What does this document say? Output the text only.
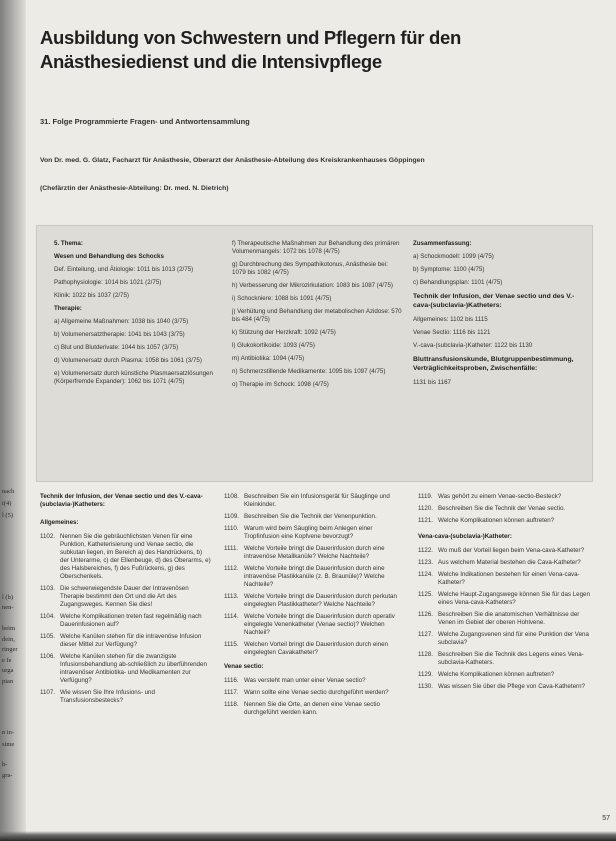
nach
t(4)
l (5)
l (b)
nen-
beim
dein,
ringer
e fe
urga
pian
n in-
sime
h-
gra-
Ausbildung von Schwestern und Pflegern für den Anästhesiedienst und die Intensivpflege
31. Folge Programmierte Fragen- und Antwortensammlung
Von Dr. med. G. Glatz, Facharzt für Anästhesie, Oberarzt der Anästhesie-Abteilung des Kreiskrankenhauses Göppingen
(Chefärztin der Anästhesie-Abteilung: Dr. med. N. Dietrich)
5. Thema:
Wesen und Behandlung des Schocks
Def. Einteilung, und Ätiologie: 1011 bis 1013 (2/75)
Pathophysiologie: 1014 bis 1021 (2/75)
Klinik: 1022 bis 1037 (2/75)
Therapie:
a) Allgemeine Maßnahmen: 1038 bis 1040 (3/75)
b) Volumenersatztherapie: 1041 bis 1043 (3/75)
c) Blut und Blutderivate: 1044 bis 1057 (3/75)
d) Volumenersatz durch Plasma: 1058 bis 1061 (3/75)
e) Volumenersatz durch künstliche Plasmaersatzlösungen (Körperfremde Expander): 1062 bis 1071 (4/75)
f) Therapeutische Maßnahmen zur Behandlung des primären Volumenmangels: 1072 bis 1078 (4/75)
g) Durchbrechung des Sympathikotonus, Anästhesie bei: 1079 bis 1082 (4/75)
h) Verbesserung der Mikrozirkulation: 1083 bis 1087 (4/75)
i) Schockniere: 1088 bis 1091 (4/75)
j) Verhütung und Behandlung der metabolischen Azidose: 570 bis 484 (4/75)
k) Stützung der Herzkraft: 1092 (4/75)
l) Glukokortikoide: 1093 (4/75)
m) Antibiotika: 1094 (4/75)
n) Schmerzstillende Medikamente: 1095 bis 1097 (4/75)
o) Therapie im Schock: 1098 (4/75)
Zusammenfassung:
a) Schockmodell: 1099 (4/75)
b) Symptome: 1100 (4/75)
c) Behandlungsplan: 1101 (4/75)
Technik der Infusion, der Venae sectio und des V.-cava-(subclavia-)Katheters:
Allgemeines: 1102 bis 1115
Venae Sectio: 1116 bis 1121
V.-cava-(subclavia-)Katheter: 1122 bis 1130
Bluttransfusionskunde, Blutgruppenbestimmung, Verträglichkeitsproben, Zwischenfälle:
1131 bis 1167
Technik der Infusion, der Venae sectio und des V.-cava-(subclavia-)Katheters:
Allgemeines:
1102. Nennen Sie die gebräuchlichsten Venen für eine Punktion, Katheterisierung und Venae sectio, die subkutan liegen, im Bereich a) des Handrückens, b) der Unterarme, c) der Ellenbeuge, d) des Oberarms, e) des Halsbereiches, f) des Fußrückens, g) des Oberschenkels.
1103. Die schwerwiegendste Dauer der Intravenösen Therapie bestimmt den Ort und die Art des Zugangsweges. Kennen Sie dies!
1104. Welche Komplikationen treten fast regelmäßig nach Dauerinfusionen auf?
1105. Welche Kanülen stehen für die intravenöse Infusion dieser Mittel zur Verfügung?
1106. Welche Kanülen stehen für die zwanzigste Infusionsbehandlung ab-schließlich zu überführenden intravenöser Antibiotika- und Medikamenten zur Verfügung?
1107. Wie wissen Sie Ihre Infusions- und Transfusionsbestecks?
1108. Beschreiben Sie ein Infusionsgerät für Säuglinge und Kleinkinder.
1109. Beschreiben Sie die Technik der Venenpunktion.
1110. Warum wird beim Säugling beim Anlegen einer Tropfinfusion eine Kopfvene bevorzugt?
1111. Welche Vorteile bringt die Dauerinfusion durch eine intravenöse Metallkanüle? Welche Nachteile?
1112. Welche Vorteile bringt die Dauerinfusion durch eine intravenöse Plastikkanüle (z. B. Braunüle)? Welche Nachteile?
1113. Welche Vorteile bringt die Dauerinfusion durch perkutan eingelegten Plastikkatheter? Welche Nachteile?
1114. Welche Vorteile bringt die Dauerinfusion durch operativ eingelegte Venenkatheter (Venae sectio)? Welchen Nachteil?
1115. Welchen Vorteil bringt die Dauerinfusion durch einen eingelegten Cavakatheter?
Venae sectio:
1116. Was versteht man unter einer Venae sectio?
1117. Wann sollte eine Venae sectio durchgeführt werden?
1118. Nennen Sie die Orte, an denen eine Venae sectio durchgeführt werden kann.
1119. Was gehört zu einem Venae-sectio-Besteck?
1120. Beschreiben Sie die Technik der Venae sectio.
1121. Welche Komplikationen können auftreten?
Vena-cava-(subclavia-)Katheter:
1122. Wo muß der Vorteil liegen beim Vena-cava-Katheter?
1123. Aus welchem Material bestehen die Cava-Katheter?
1124. Welche Indikationen bestehen für einen Vena-cava-Katheter?
1125. Welche Haupt-Zugangswege können Sie für das Legen eines Vena-cava-Katheters?
1126. Beschreiben Sie die anatomischen Verhältnisse der Venen im Gebiet der oberen Hohlvene.
1127. Welche Zugangsvenen sind für eine Punktion der Vena subclavia?
1128. Beschreiben Sie die Technik des Legens eines Vena-subclavia-Katheters.
1129. Welche Komplikationen können auftreten?
1130. Was wissen Sie über die Pflege von Cava-Kathetern?
57
